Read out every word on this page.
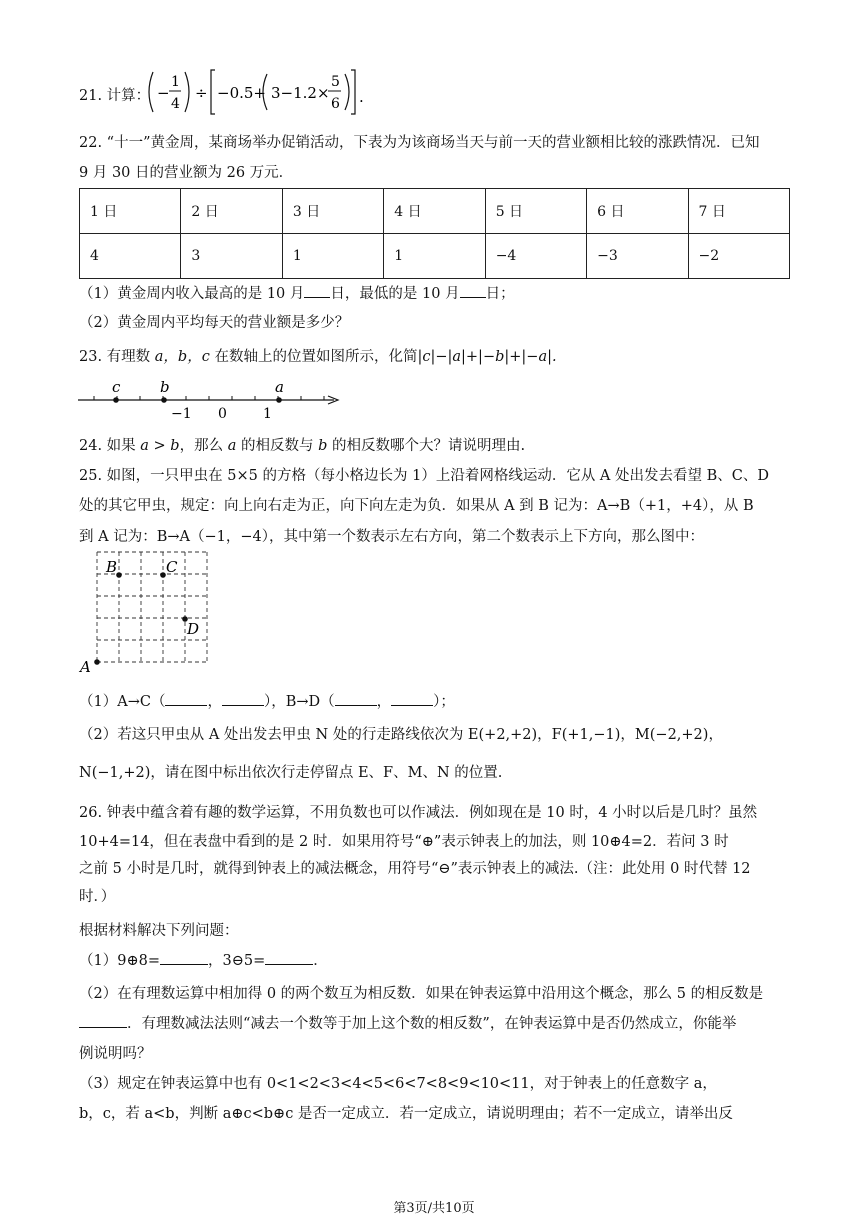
21. 计算： −
1
4
÷ −0.5+ 3−1.2×
5
6 .
22. “十一”黄金周，某商场举办促销活动，下表为为该商场当天与前一天的营业额相比较的涨跌情况．已知
9 月 30 日的营业额为 26 万元．
1 日	2 日	3 日	4 日	5 日	6 日	7 日
4	3	1	1	−4	−3	−2
（1）黄金周内收入最高的是 10 月 日，最低的是 10 月 日；
（2）黄金周内平均每天的营业额是多少？
23. 有理数 a，b，c 在数轴上的位置如图所示，化简|c|−|a|+|−b|+|−a|.
c	b	a
−1 0	1
24. 如果 a > b，那么 a 的相反数与 b 的相反数哪个大？请说明理由.
25. 如图，一只甲虫在 5×5 的方格（每小格边长为 1）上沿着网格线运动．它从 A 处出发去看望 B、C、D
处的其它甲虫，规定：向上向右走为正，向下向左走为负．如果从 A 到 B 记为：A→B（+1，+4），从 B
到 A 记为：B→A（−1，−4），其中第一个数表示左右方向，第二个数表示上下方向，那么图中：
A
B	C
D
（1）A→C（	，	），B→D（	，	）；
（2）若这只甲虫从 A 处出发去甲虫 N 处的行走路线依次为 E(+2,+2)，F(+1,−1)，M(−2,+2)，
N(−1,+2)，请在图中标出依次行走停留点 E、F、M、N 的位置.
26. 钟表中蕴含着有趣的数学运算，不用负数也可以作减法．例如现在是 10 时，4 小时以后是几时？虽然
10+4=14，但在表盘中看到的是 2 时．如果用符号“⊕”表示钟表上的加法，则 10⊕4=2．若问 3 时
之前 5 小时是几时，就得到钟表上的减法概念，用符号“⊖”表示钟表上的减法.（注：此处用 0 时代替 12
时．）
根据材料解决下列问题：
（1）9⊕8=	，3⊖5=	．
（2）在有理数运算中相加得 0 的两个数互为相反数．如果在钟表运算中沿用这个概念，那么 5 的相反数是
．有理数减法法则“减去一个数等于加上这个数的相反数”，在钟表运算中是否仍然成立，你能举
例说明吗？
（3）规定在钟表运算中也有 0<1<2<3<4<5<6<7<8<9<10<11，对于钟表上的任意数字 a，
b，c，若 a<b，判断 a⊕c<b⊕c 是否一定成立．若一定成立，请说明理由；若不一定成立，请举出反
第3页/共10页
